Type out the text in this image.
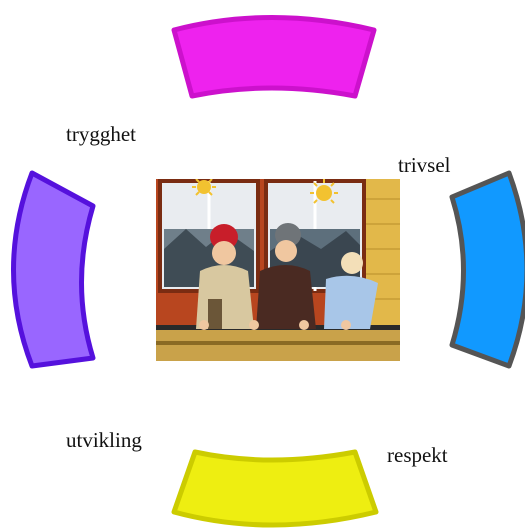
trygghet
trivsel
utvikling
respekt
